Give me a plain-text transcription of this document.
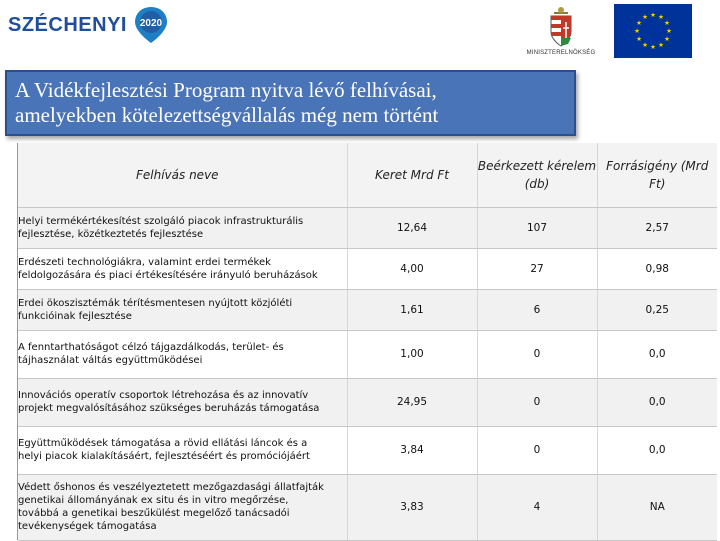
SZÉCHENYI 2020
MINISZTERELNÖKSÉG
★ ★
★
★
★
★
★
★
★
★
★
★
A Vidékfejlesztési Program nyitva lévő felhívásai,
amelyekben kötelezettségvállalás még nem történt
Felhívás neve	Keret Mrd Ft	Beérkezett kérelem (db)	Forrásigény (Mrd Ft)

Helyi termékértékesítést szolgáló piacok infrastrukturális
fejlesztése, közétkeztetés fejlesztése	12,64	107	2,57

Erdészeti technológiákra, valamint erdei termékek
feldolgozására és piaci értékesítésére irányuló beruházások	4,00	27	0,98

Erdei ökoszisztémák térítésmentesen nyújtott közjóléti
funkcióinak fejlesztése	1,61	6	0,25

A fenntarthatóságot célzó tájgazdálkodás, terület- és
tájhasználat váltás együttműködései	1,00	0	0,0

Innovációs operatív csoportok létrehozása és az innovatív
projekt megvalósításához szükséges beruházás támogatása	24,95	0	0,0

Együttműködések támogatása a rövid ellátási láncok és a
helyi piacok kialakításáért, fejlesztéséért és promóciójáért	3,84	0	0,0

Védett őshonos és veszélyeztetett mezőgazdasági állatfajták
genetikai állományának ex situ és in vitro megőrzése,
továbbá a genetikai beszűkülést megelőző tanácsadói
tevékenységek támogatása	3,83	4	NA
